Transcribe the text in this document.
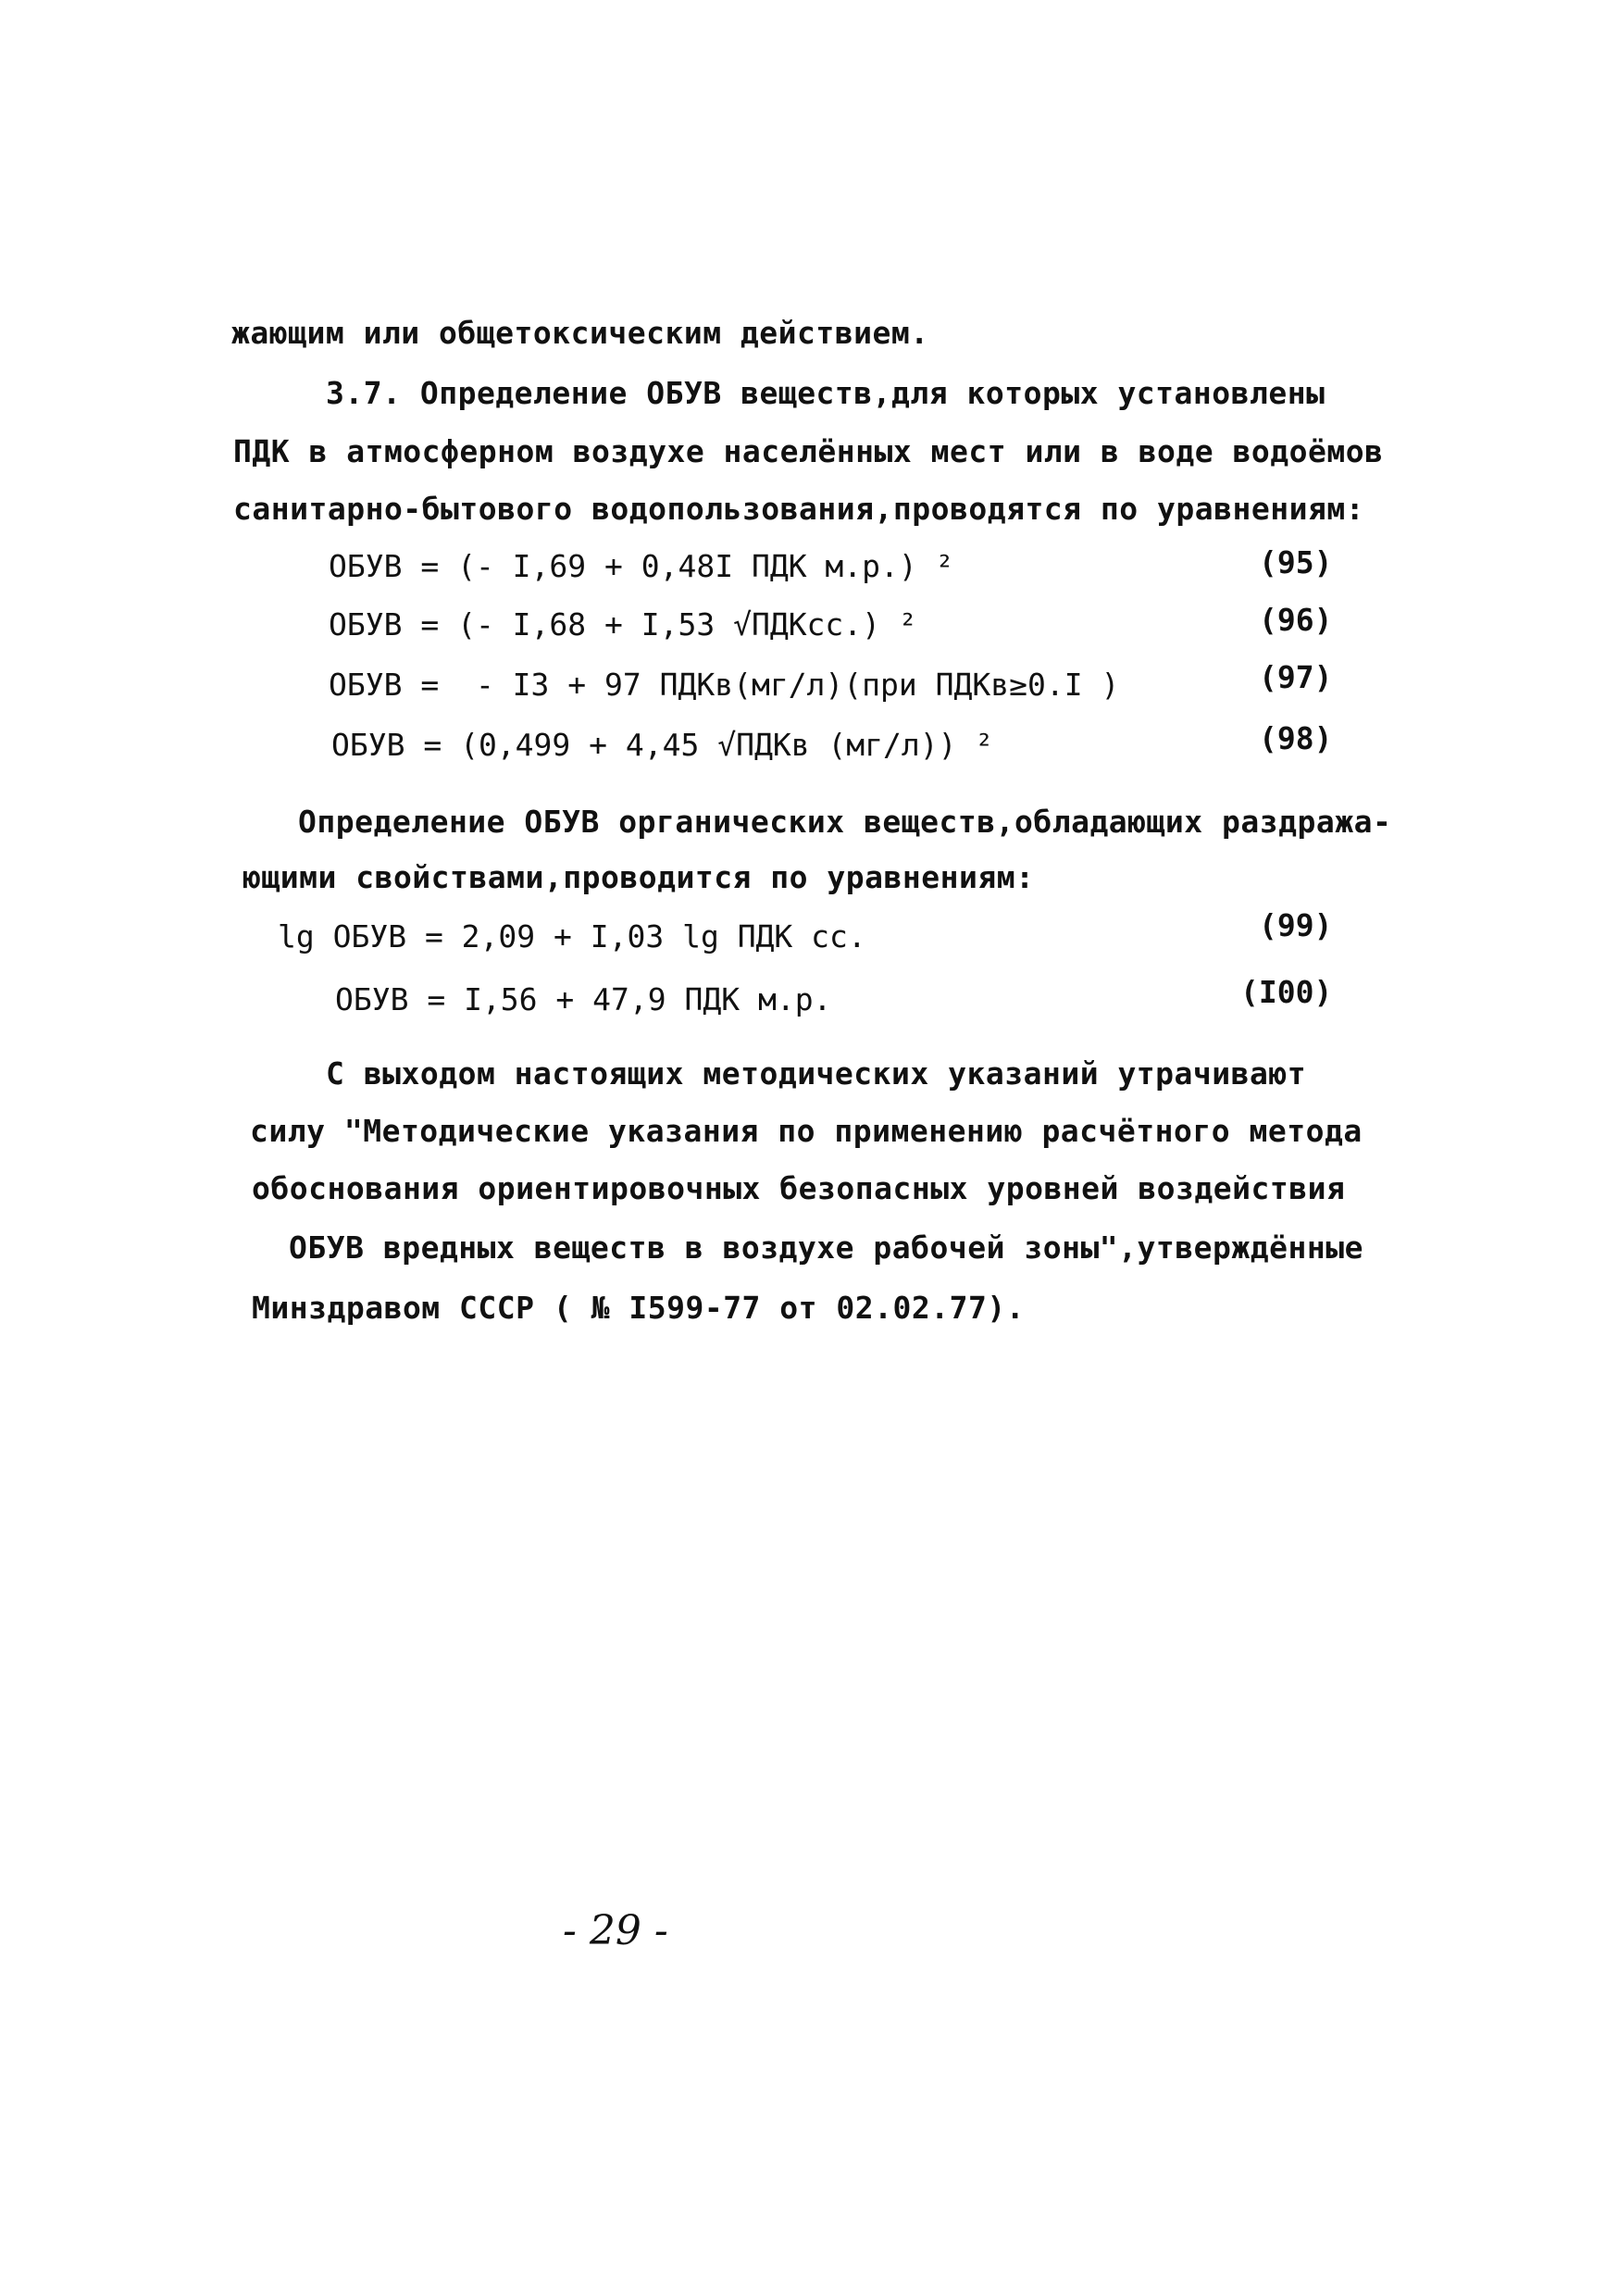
жающим или общетоксическим действием.
3.7. Определение ОБУВ веществ,для которых установлены
ПДК в атмосферном воздухе населённых мест или в воде водоёмов
санитарно-бытового водопользования,проводятся по уравнениям:
ОБУВ = (- I,69 + 0,48I ПДК м.р.) ²	(95)
ОБУВ = (- I,68 + I,53 √ПДКсс.) ²	(96)
ОБУВ =  - I3 + 97 ПДКв(мг/л)(при ПДКв≥0.I )	(97)
ОБУВ = (0,499 + 4,45 √ПДКв (мг/л)) ²	(98)
Определение ОБУВ органических веществ,обладающих раздража-
ющими свойствами,проводится по уравнениям:
lg ОБУВ = 2,09 + I,03 lg ПДК сс.	(99)
ОБУВ = I,56 + 47,9 ПДК м.р.	(I00)
С выходом настоящих методических указаний утрачивают
силу "Методические указания по применению расчётного метода
обоснования ориентировочных безопасных уровней воздействия
ОБУВ вредных веществ в воздухе рабочей зоны",утверждённые
Минздравом СССР ( № I599-77 от 02.02.77).
- 29 -
